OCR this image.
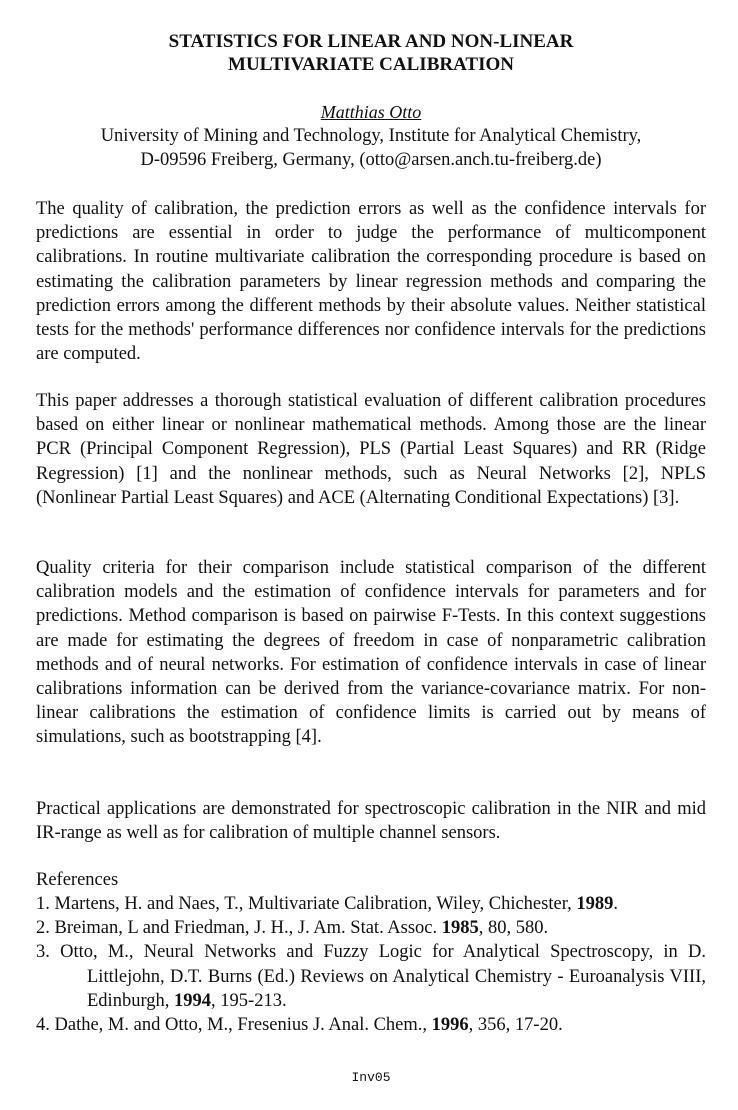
STATISTICS FOR LINEAR AND NON-LINEAR
MULTIVARIATE CALIBRATION
Matthias Otto
University of Mining and Technology, Institute for Analytical Chemistry,
D-09596 Freiberg, Germany, (otto@arsen.anch.tu-freiberg.de)
The quality of calibration, the prediction errors as well as the confidence intervals for predictions are essential in order to judge the performance of multicomponent calibrations. In routine multivariate calibration the corresponding procedure is based on estimating the calibration parameters by linear regression methods and comparing the prediction errors among the different methods by their absolute values. Neither statistical tests for the methods' performance differences nor confidence intervals for the predictions are computed.
This paper addresses a thorough statistical evaluation of different calibration procedures based on either linear or nonlinear mathematical methods. Among those are the linear PCR (Principal Component Regression), PLS (Partial Least Squares) and RR (Ridge Regression) [1] and the nonlinear methods, such as Neural Networks [2], NPLS (Nonlinear Partial Least Squares) and ACE (Alternating Conditional Expectations) [3].
Quality criteria for their comparison include statistical comparison of the different calibration models and the estimation of confidence intervals for parameters and for predictions. Method comparison is based on pairwise F-Tests. In this context suggestions are made for estimating the degrees of freedom in case of nonparametric calibration methods and of neural networks. For estimation of confidence intervals in case of linear calibrations information can be derived from the variance-covariance matrix. For non-linear calibrations the estimation of confidence limits is carried out by means of simulations, such as bootstrapping [4].
Practical applications are demonstrated for spectroscopic calibration in the NIR and mid IR-range as well as for calibration of multiple channel sensors.
References
1. Martens, H. and Naes, T., Multivariate Calibration, Wiley, Chichester, 1989.
2. Breiman, L and Friedman, J. H., J. Am. Stat. Assoc. 1985, 80, 580.
3. Otto, M., Neural Networks and Fuzzy Logic for Analytical Spectroscopy, in D. Littlejohn, D.T. Burns (Ed.) Reviews on Analytical Chemistry - Euroanalysis VIII, Edinburgh, 1994, 195-213.
4. Dathe, M. and Otto, M., Fresenius J. Anal. Chem., 1996, 356, 17-20.
Inv05
